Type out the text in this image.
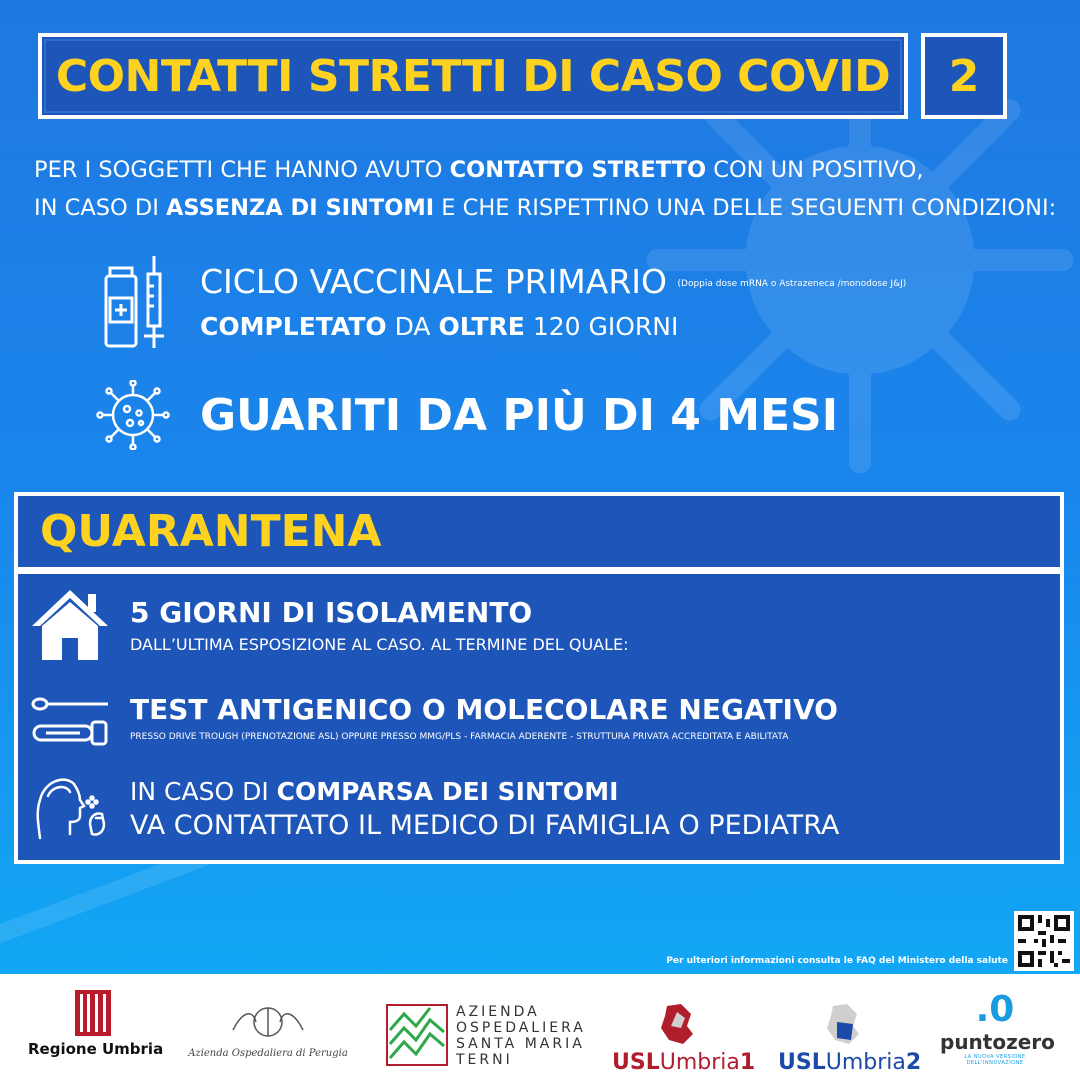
CONTATTI STRETTI DI CASO COVID 2
PER I SOGGETTI CHE HANNO AVUTO CONTATTO STRETTO CON UN POSITIVO,
IN CASO DI ASSENZA DI SINTOMI E CHE RISPETTINO UNA DELLE SEGUENTI CONDIZIONI:
CICLO VACCINALE PRIMARIO $^{(Doppia dose mRNA o Astrazeneca /monodose J\&J)}$
COMPLETATO DA OLTRE 120 GIORNI
GUARITI DA PIÙ DI 4 MESI
QUARANTENA
5 GIORNI DI ISOLAMENTO
DALL’ULTIMA ESPOSIZIONE AL CASO. AL TERMINE DEL QUALE:
TEST ANTIGENICO O MOLECOLARE NEGATIVO
PRESSO DRIVE TROUGH (PRENOTAZIONE ASL) OPPURE PRESSO MMG/PLS - FARMACIA ADERENTE - STRUTTURA PRIVATA ACCREDITATA E ABILITATA
IN CASO DI COMPARSA DEI SINTOMI
VA CONTATTATO IL MEDICO DI FAMIGLIA O PEDIATRA
Per ulteriori informazioni consulta le FAQ del Ministero della salute
Regione Umbria	Azienda Ospedaliera di Perugia
AZIENDA
OSPEDALIERA
SANTA MARIA
TERNI	USLUmbria1 USLUmbria2
.0
puntozero
LA NUOVA VERSIONE DELL'INNOVAZIONE
